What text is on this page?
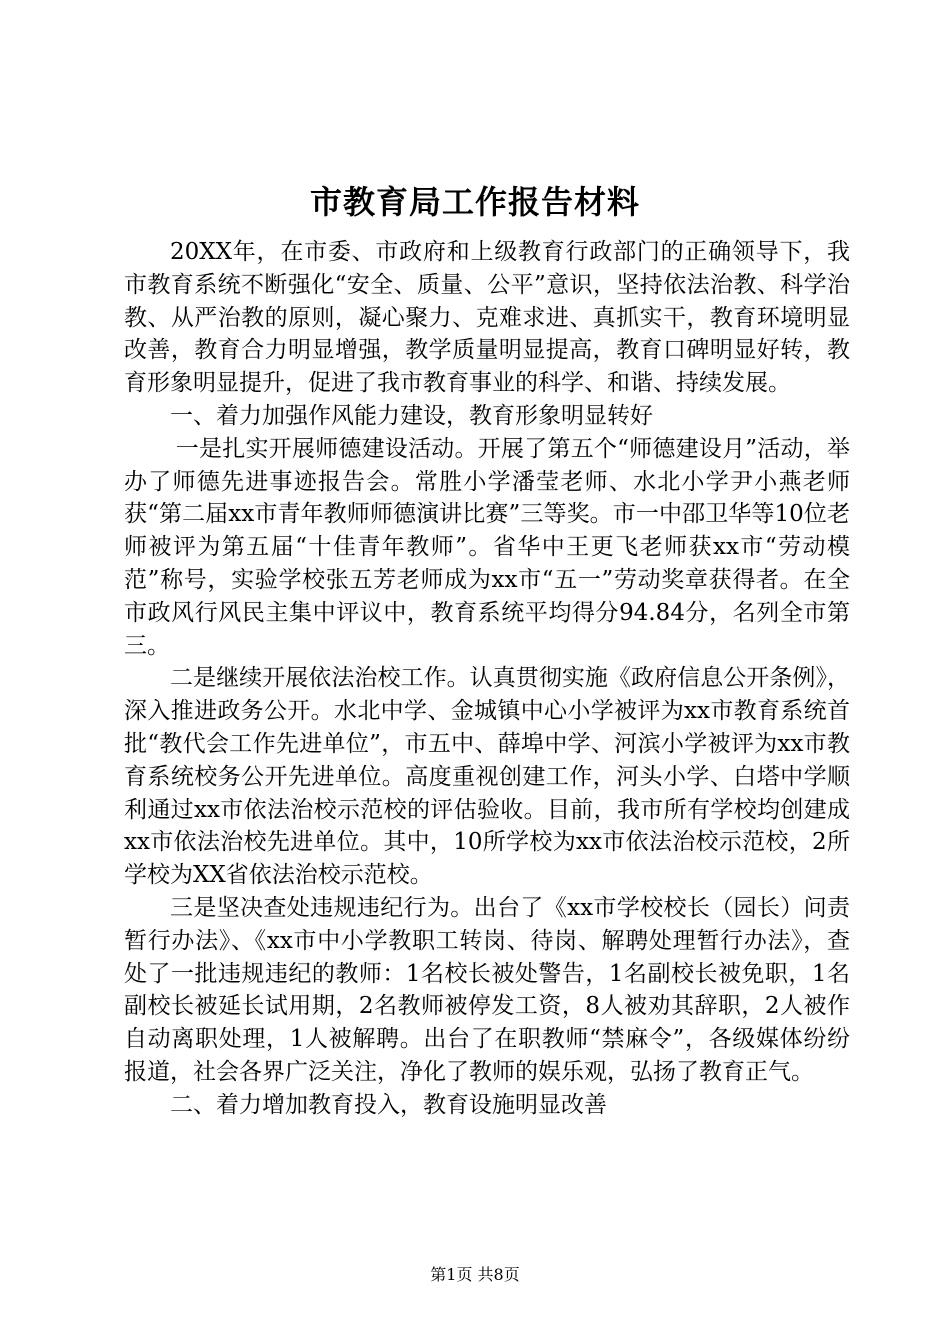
市教育局工作报告材料

20XX年，在市委、市政府和上级教育行政部门的正确领导下，我市教育系统不断强化“安全、质量、公平”意识，坚持依法治教、科学治教、从严治教的原则，凝心聚力、克难求进、真抓实干，教育环境明显改善，教育合力明显增强，教学质量明显提高，教育口碑明显好转，教育形象明显提升，促进了我市教育事业的科学、和谐、持续发展。

一、着力加强作风能力建设，教育形象明显转好

一是扎实开展师德建设活动。开展了第五个“师德建设月”活动，举办了师德先进事迹报告会。常胜小学潘莹老师、水北小学尹小燕老师获“第二届xx市青年教师师德演讲比赛”三等奖。市一中邵卫华等10位老师被评为第五届“十佳青年教师”。省华中王更飞老师获xx市“劳动模范”称号，实验学校张五芳老师成为xx市“五一”劳动奖章获得者。在全市政风行风民主集中评议中，教育系统平均得分94.84分，名列全市第三。

二是继续开展依法治校工作。认真贯彻实施《政府信息公开条例》，深入推进政务公开。水北中学、金城镇中心小学被评为xx市教育系统首批“教代会工作先进单位”，市五中、薛埠中学、河滨小学被评为xx市教育系统校务公开先进单位。高度重视创建工作，河头小学、白塔中学顺利通过xx市依法治校示范校的评估验收。目前，我市所有学校均创建成xx市依法治校先进单位。其中，10所学校为xx市依法治校示范校，2所学校为XX省依法治校示范校。

三是坚决查处违规违纪行为。出台了《xx市学校校长（园长）问责暂行办法》、《xx市中小学教职工转岗、待岗、解聘处理暂行办法》，查处了一批违规违纪的教师：1名校长被处警告，1名副校长被免职，1名副校长被延长试用期，2名教师被停发工资，8人被劝其辞职，2人被作自动离职处理，1人被解聘。出台了在职教师“禁麻令”，各级媒体纷纷报道，社会各界广泛关注，净化了教师的娱乐观，弘扬了教育正气。

二、着力增加教育投入，教育设施明显改善

第1页 共8页
